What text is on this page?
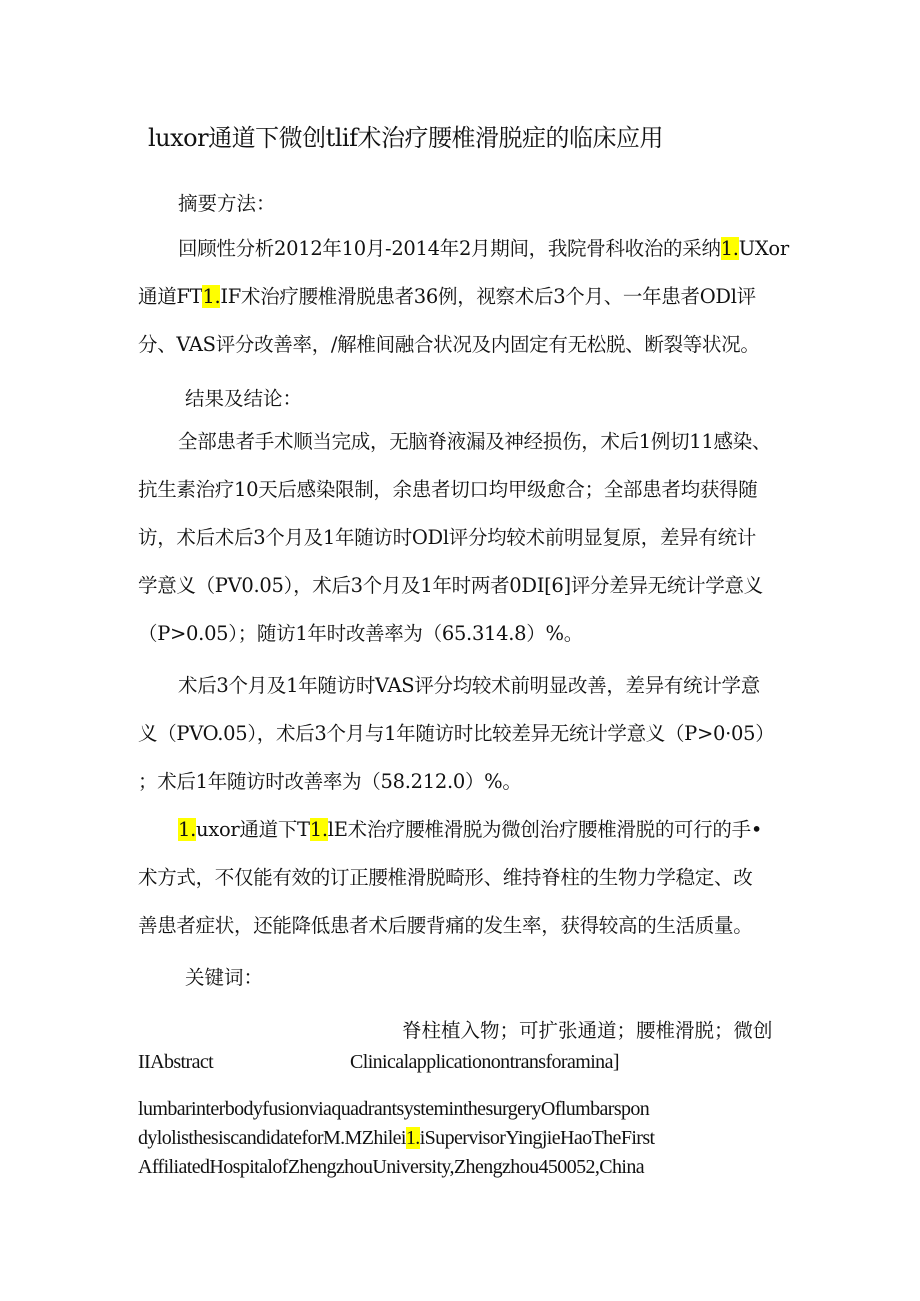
luxor通道下微创tlif术治疗腰椎滑脱症的临床应用
摘要方法：
回顾性分析2012年10月-2014年2月期间，我院骨科收治的采纳1.UXor
通道FT1.IF术治疗腰椎滑脱患者36例，视察术后3个月、一年患者ODl评
分、VAS评分改善率，/解椎间融合状况及内固定有无松脱、断裂等状况。
结果及结论：
全部患者手术顺当完成，无脑脊液漏及神经损伤，术后1例切11感染、
抗生素治疗10天后感染限制，余患者切口均甲级愈合；全部患者均获得随
访，术后术后3个月及1年随访时ODl评分均较术前明显复原，差异有统计
学意义（PV0.05），术后3个月及1年时两者0DI[6]评分差异无统计学意义
（P>0.05）；随访1年时改善率为（65.314.8）%。
术后3个月及1年随访时VAS评分均较术前明显改善，差异有统计学意
义（PVO.05），术后3个月与1年随访时比较差异无统计学意义（P>0·05）
；术后1年随访时改善率为（58.212.0）%。
1.uxor通道下T1.lE术治疗腰椎滑脱为微创治疗腰椎滑脱的可行的手•
术方式，不仅能有效的订正腰椎滑脱畸形、维持脊柱的生物力学稳定、改
善患者症状，还能降低患者术后腰背痛的发生率，获得较高的生活质量。
关键词：
脊柱植入物；可扩张通道；腰椎滑脱；微创
IIAbstract	Clinicalapplicationontransforamina]
lumbarinterbodyfusionviaquadrantsysteminthesurgeryOflumbarspon
dylolisthesiscandidateforM.MZhilei1.iSupervisorYingjieHaoTheFirst
AffiliatedHospitalofZhengzhouUniversity,Zhengzhou450052,China
